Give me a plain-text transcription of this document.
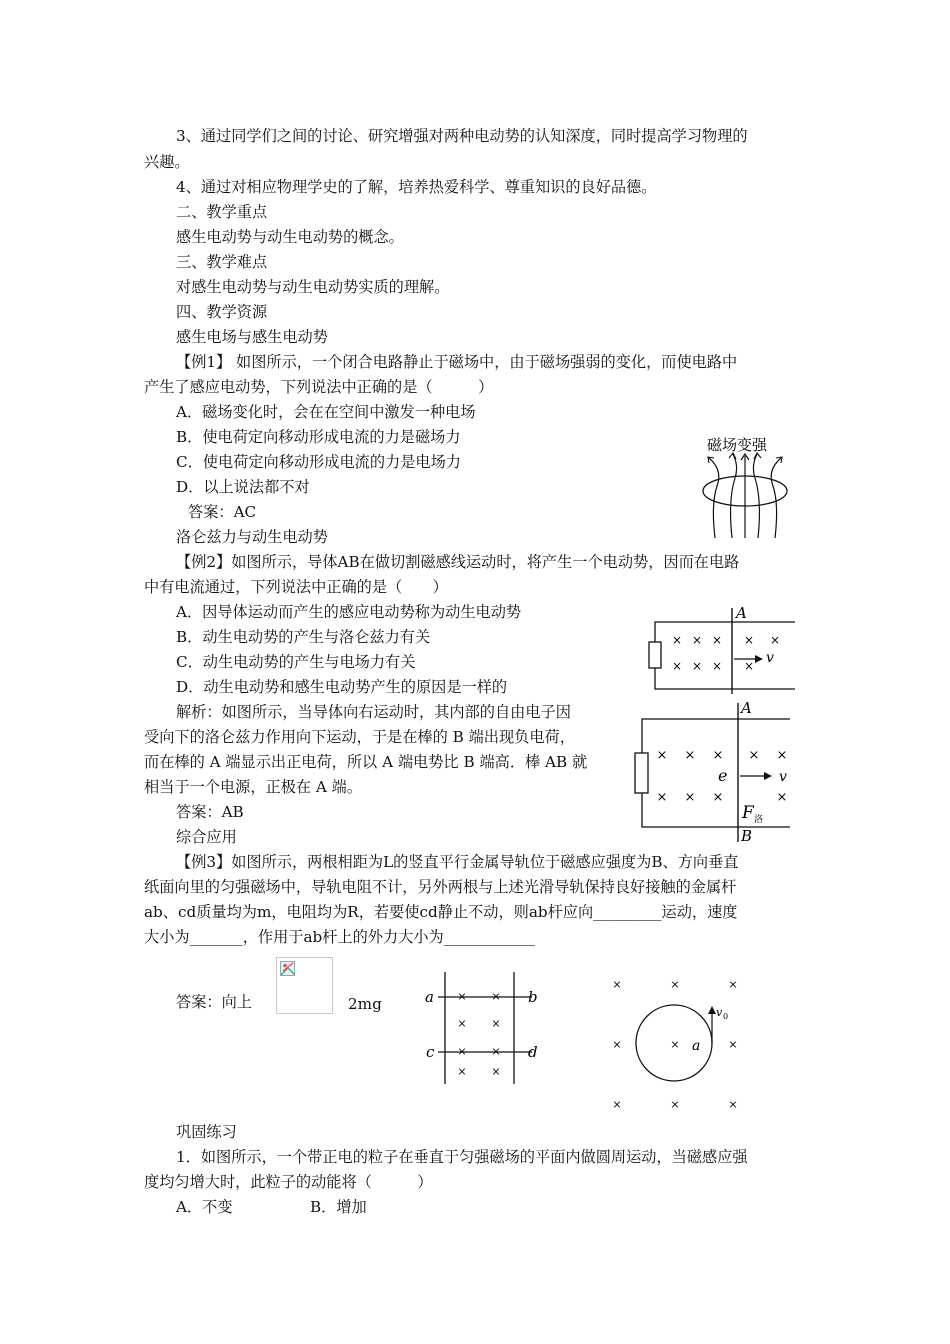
3、通过同学们之间的讨论、研究增强对两种电动势的认知深度，同时提高学习物理的
兴趣。
4、通过对相应物理学史的了解，培养热爱科学、尊重知识的良好品德。
二、教学重点
感生电动势与动生电动势的概念。
三、教学难点
对感生电动势与动生电动势实质的理解。
四、教学资源
感生电场与感生电动势
【例1】 如图所示，一个闭合电路静止于磁场中，由于磁场强弱的变化，而使电路中
产生了感应电动势，下列说法中正确的是（　　　）
A．磁场变化时，会在在空间中激发一种电场
B．使电荷定向移动形成电流的力是磁场力
C．使电荷定向移动形成电流的力是电场力
D．以上说法都不对
答案：AC
洛仑兹力与动生电动势
【例2】如图所示，导体AB在做切割磁感线运动时，将产生一个电动势，因而在电路
中有电流通过，下列说法中正确的是（　　）
A．因导体运动而产生的感应电动势称为动生电动势
B．动生电动势的产生与洛仑兹力有关
C．动生电动势的产生与电场力有关
D．动生电动势和感生电动势产生的原因是一样的
解析：如图所示，当导体向右运动时，其内部的自由电子因
受向下的洛仑兹力作用向下运动，于是在棒的 B 端出现负电荷，
而在棒的 A 端显示出正电荷，所以 A 端电势比 B 端高．棒 AB 就
相当于一个电源，正极在 A 端。
答案：AB
综合应用
【例3】如图所示，两根相距为L的竖直平行金属导轨位于磁感应强度为B、方向垂直
纸面向里的匀强磁场中，导轨电阻不计，另外两根与上述光滑导轨保持良好接触的金属杆
ab、cd质量均为m，电阻均为R，若要使cd静止不动，则ab杆应向_________运动，速度
大小为_______，作用于ab杆上的外力大小为____________
答案：向上	2mg
巩固练习
1．如图所示，一个带正电的粒子在垂直于匀强磁场的平面内做圆周运动，当磁感应强
度均匀增大时，此粒子的动能将（　　　）
A．不变	B．增加
磁场变强
A
v
× × × × ×
× × × ×
A
B
e	v
F 洛
× × × × ×
× × ×	×
a	b
c	d
× ×
× ×
× ×
× ×
v 0
a
×	×	×
×	×	×
×	×	×
